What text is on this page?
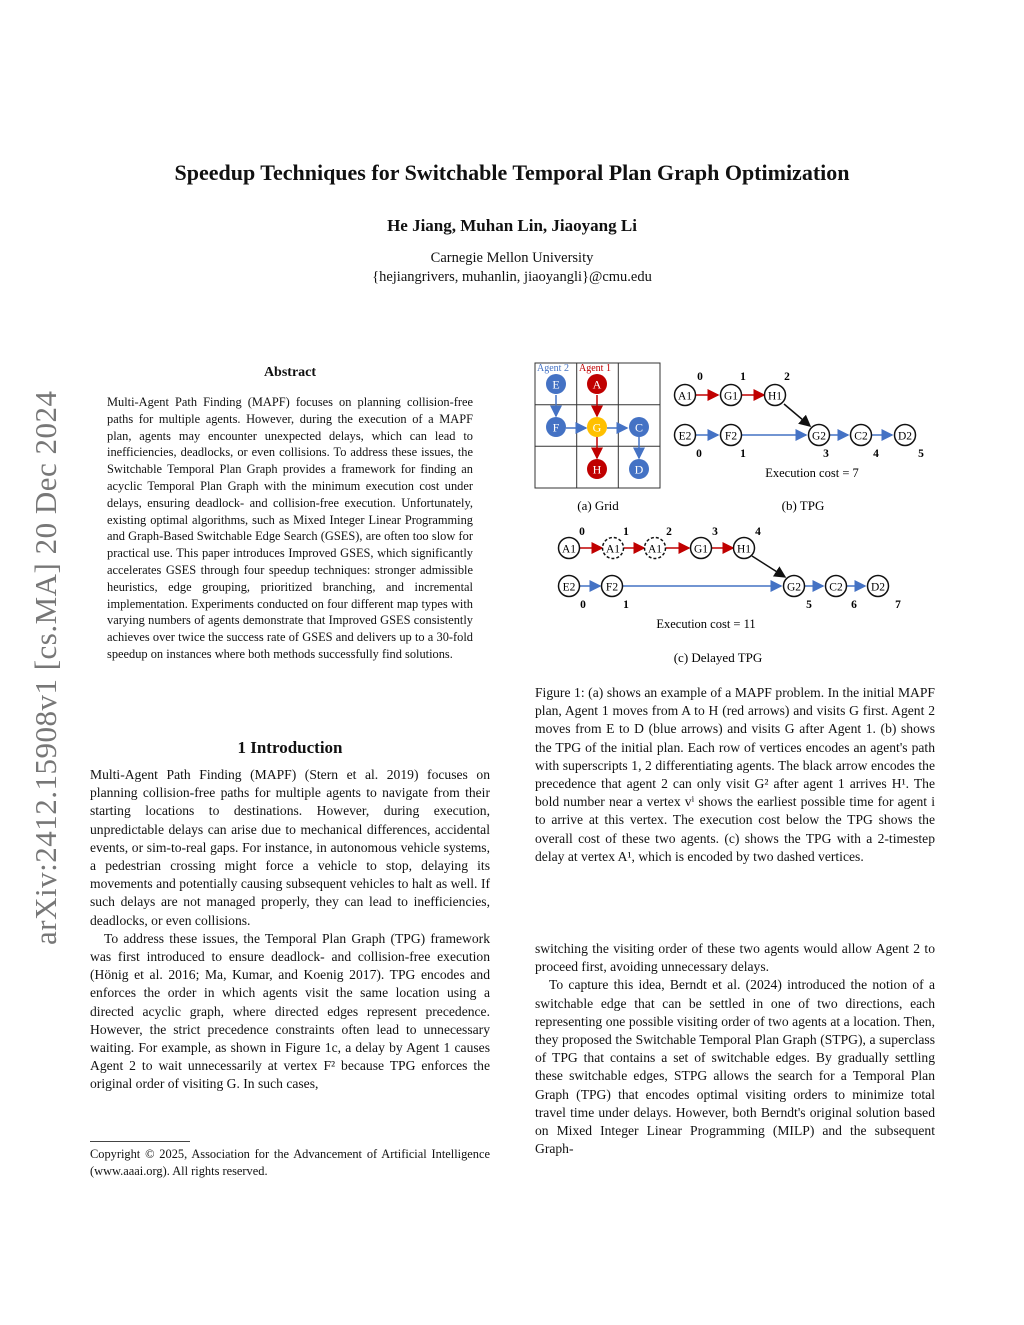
Speedup Techniques for Switchable Temporal Plan Graph Optimization
He Jiang, Muhan Lin, Jiaoyang Li
Carnegie Mellon University
{hejiangrivers, muhanlin, jiaoyangli}@cmu.edu
arXiv:2412.15908v1 [cs.MA] 20 Dec 2024
Abstract
Multi-Agent Path Finding (MAPF) focuses on planning collision-free paths for multiple agents. However, during the execution of a MAPF plan, agents may encounter unexpected delays, which can lead to inefficiencies, deadlocks, or even collisions. To address these issues, the Switchable Temporal Plan Graph provides a framework for finding an acyclic Temporal Plan Graph with the minimum execution cost under delays, ensuring deadlock- and collision-free execution. Unfortunately, existing optimal algorithms, such as Mixed Integer Linear Programming and Graph-Based Switchable Edge Search (GSES), are often too slow for practical use. This paper introduces Improved GSES, which significantly accelerates GSES through four speedup techniques: stronger admissible heuristics, edge grouping, prioritized branching, and incremental implementation. Experiments conducted on four different map types with varying numbers of agents demonstrate that Improved GSES consistently achieves over twice the success rate of GSES and delivers up to a 30-fold speedup on instances where both methods successfully find solutions.
1 Introduction

Multi-Agent Path Finding (MAPF) (Stern et al. 2019) focuses on planning collision-free paths for multiple agents to navigate from their starting locations to destinations. However, during execution, unpredictable delays can arise due to mechanical differences, accidental events, or sim-to-real gaps. For instance, in autonomous vehicle systems, a pedestrian crossing might force a vehicle to stop, delaying its movements and potentially causing subsequent vehicles to halt as well. If such delays are not managed properly, they can lead to inefficiencies, deadlocks, or even collisions.

To address these issues, the Temporal Plan Graph (TPG) framework was first introduced to ensure deadlock- and collision-free execution (Hönig et al. 2016; Ma, Kumar, and Koenig 2017). TPG encodes and enforces the order in which agents visit the same location using a directed acyclic graph, where directed edges represent precedence. However, the strict precedence constraints often lead to unnecessary waiting. For example, as shown in Figure 1c, a delay by Agent 1 causes Agent 2 to wait unnecessarily at vertex F² because TPG enforces the original order of visiting G. In such cases,

Copyright © 2025, Association for the Advancement of Artificial Intelligence (www.aaai.org). All rights reserved.
Agent 2 Agent 1
E	A
F	G	C
H	D
A1	G1	H1
0	1	2
E2	F2	G2 C2	D2
0	1	3	4	5
Execution cost = 7
(a) Grid	(b) TPG
A1	A1 A1	G1	H1
0	1	2	3	4
E2	F2	G2 C2 D2
0	1	5	6	7
Execution cost = 11
(c) Delayed TPG
Figure 1: (a) shows an example of a MAPF problem. In the initial MAPF plan, Agent 1 moves from A to H (red arrows) and visits G first. Agent 2 moves from E to D (blue arrows) and visits G after Agent 1. (b) shows the TPG of the initial plan. Each row of vertices encodes an agent's path with superscripts 1, 2 differentiating agents. The black arrow encodes the precedence that agent 2 can only visit G² after agent 1 arrives H¹. The bold number near a vertex vⁱ shows the earliest possible time for agent i to arrive at this vertex. The execution cost below the TPG shows the overall cost of these two agents. (c) shows the TPG with a 2-timestep delay at vertex A¹, which is encoded by two dashed vertices.

switching the visiting order of these two agents would allow Agent 2 to proceed first, avoiding unnecessary delays.

To capture this idea, Berndt et al. (2024) introduced the notion of a switchable edge that can be settled in one of two directions, each representing one possible visiting order of two agents at a location. Then, they proposed the Switchable Temporal Plan Graph (STPG), a superclass of TPG that contains a set of switchable edges. By gradually settling these switchable edges, STPG allows the search for a Temporal Plan Graph (TPG) that encodes optimal visiting orders to minimize total travel time under delays. However, both Berndt's original solution based on Mixed Integer Linear Programming (MILP) and the subsequent Graph-
